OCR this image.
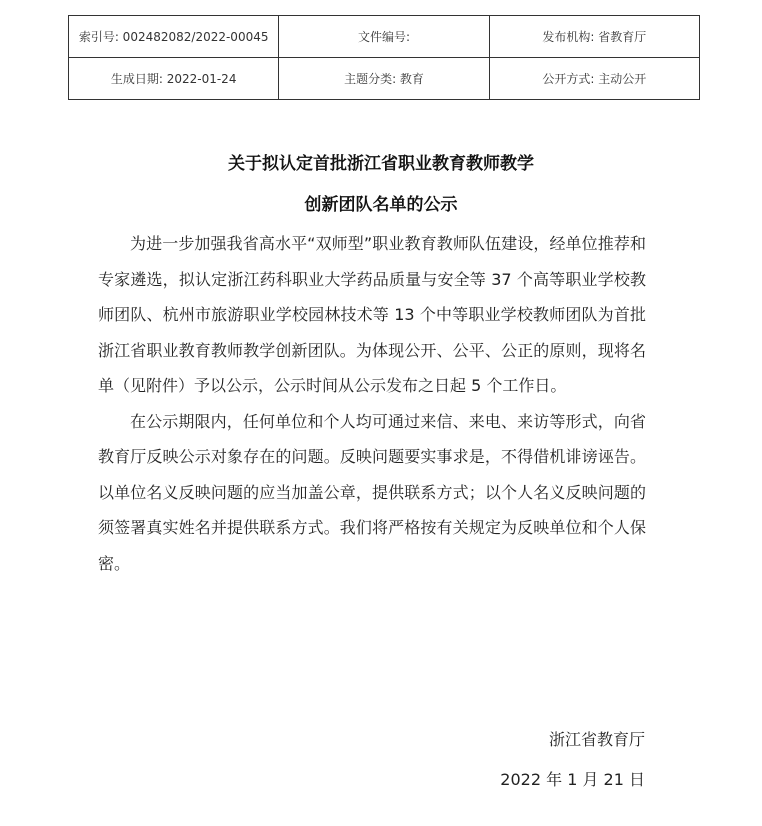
索引号: 002482082/2022-00045	文件编号:	发布机构: 省教育厅
生成日期: 2022-01-24	主题分类: 教育	公开方式: 主动公开
关于拟认定首批浙江省职业教育教师教学
创新团队名单的公示

为进一步加强我省高水平“双师型”职业教育教师队伍建设，经单位推荐和专家遴选，拟认定浙江药科职业大学药品质量与安全等 37 个高等职业学校教师团队、杭州市旅游职业学校园林技术等 13 个中等职业学校教师团队为首批浙江省职业教育教师教学创新团队。为体现公开、公平、公正的原则，现将名单（见附件）予以公示，公示时间从公示发布之日起 5 个工作日。

在公示期限内，任何单位和个人均可通过来信、来电、来访等形式，向省教育厅反映公示对象存在的问题。反映问题要实事求是，不得借机诽谤诬告。以单位名义反映问题的应当加盖公章，提供联系方式；以个人名义反映问题的须签署真实姓名并提供联系方式。我们将严格按有关规定为反映单位和个人保密。

浙江省教育厅
2022 年 1 月 21 日
